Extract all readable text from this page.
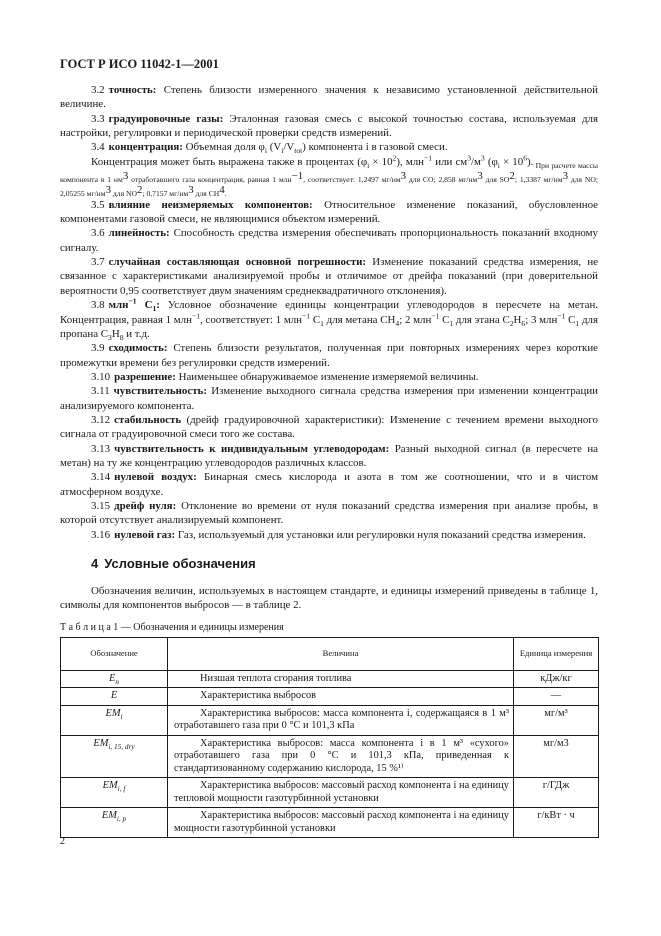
ГОСТ Р ИСО 11042-1—2001

3.2 точность: Степень близости измеренного значения к независимо установленной действительной величине.

3.3 градуировочные газы: Эталонная газовая смесь с высокой точностью состава, используемая для настройки, регулировки и периодической проверки средств измерений.

3.4 концентрация: Объемная доля $\varphi_i$ $(V_i/V_{tot})$ компонента i в газовой смеси.

Концентрация может быть выражена также в процентах $(\varphi_i \times 10^2)$, млн$^{-1}$ или $см^3/м^3$ $(\varphi_i \times 10^6)$. $_{При расчете массы компонента в 1 нм}$3 $_{отработавшего газа концентрация, равная 1 млн}-1_{, соответствует: 1,2497 мг/нм}3$ $_{для CO; 2,858 мг/нм}$3 $_{для SO}2_{; 1,3387 мг/нм}3$ $_{для NO; 2,05255 мг/нм}$3 $_{для NO}2_{; 0,7157 мг/нм}3$ $_{для CH}4_.$

3.5 влияние неизмеряемых компонентов: Относительное изменение показаний, обусловленное компонентами газовой смеси, не являющимися объектом измерений.

3.6 линейность: Способность средства измерения обеспечивать пропорциональность показаний входному сигналу.

3.7 случайная составляющая основной погрешности: Изменение показаний средства измерения, не связанное с характеристиками анализируемой пробы и отличимое от дрейфа показаний (при доверительной вероятности 0,95 соответствует двум значениям среднеквадратичного отклонения).

3.8 млн$^{-1}$ $C_1$: Условное обозначение единицы концентрации углеводородов в пересчете на метан. Концентрация, равная 1 млн$^{-1}$, соответствует: 1 млн$^{-1}$ $C_1$ для метана $CH_4$; 2 млн$^{-1}$ $C_1$ для этана $C_2H_6$; 3 млн$^{-1}$ $C_1$ для пропана $C_3H_8$ и т.д.

3.9 сходимость: Степень близости результатов, полученная при повторных измерениях через короткие промежутки времени без регулировки средств измерений.

3.10 разрешение: Наименьшее обнаруживаемое изменение измеряемой величины.

3.11 чувствительность: Изменение выходного сигнала средства измерения при изменении концентрации анализируемого компонента.

3.12 стабильность (дрейф градуировочной характеристики): Изменение с течением времени выходного сигнала от градуировочной смеси того же состава.

3.13 чувствительность к индивидуальным углеводородам: Разный выходной сигнал (в пересчете на метан) на ту же концентрацию углеводородов различных классов.

3.14 нулевой воздух: Бинарная смесь кислорода и азота в том же соотношении, что и в чистом атмосферном воздухе.

3.15 дрейф нуля: Отклонение во времени от нуля показаний средства измерения при анализе пробы, в которой отсутствует анализируемый компонент.

3.16 нулевой газ: Газ, используемый для установки или регулировки нуля показаний средства измерения.

4 Условные обозначения

Обозначения величин, используемых в настоящем стандарте, и единицы измерений приведены в таблице 1, символы для компонентов выбросов — в таблице 2.

Т а б л и ц а 1 — Обозначения и единицы измерения
Обозначение	Величина	Единица измерения
$E_п$	Низшая теплота сгорания топлива	кДж/кг
E	Характеристика выбросов	—
$EM_i$	Характеристика выбросов: масса компонента i, содержащаяся в 1 м³ отработавшего газа при 0 °С и 101,3 кПа	мг/м³
$EM_{i, 15, dry}$	Характеристика выбросов: масса компонента i в 1 м³ «сухого» отработавшего газа при 0 °С и 101,3 кПа, приведенная к стандартизованному содержанию кислорода, 15 %¹⁾	мг/м3
$EM_{i, f}$	Характеристика выбросов: массовый расход компонента i на единицу тепловой мощности газотурбинной установки	г/ГДж
$EM_{i, p}$	Характеристика выбросов: массовый расход компонента i на единицу мощности газотурбинной установки	г/кВт · ч
2
